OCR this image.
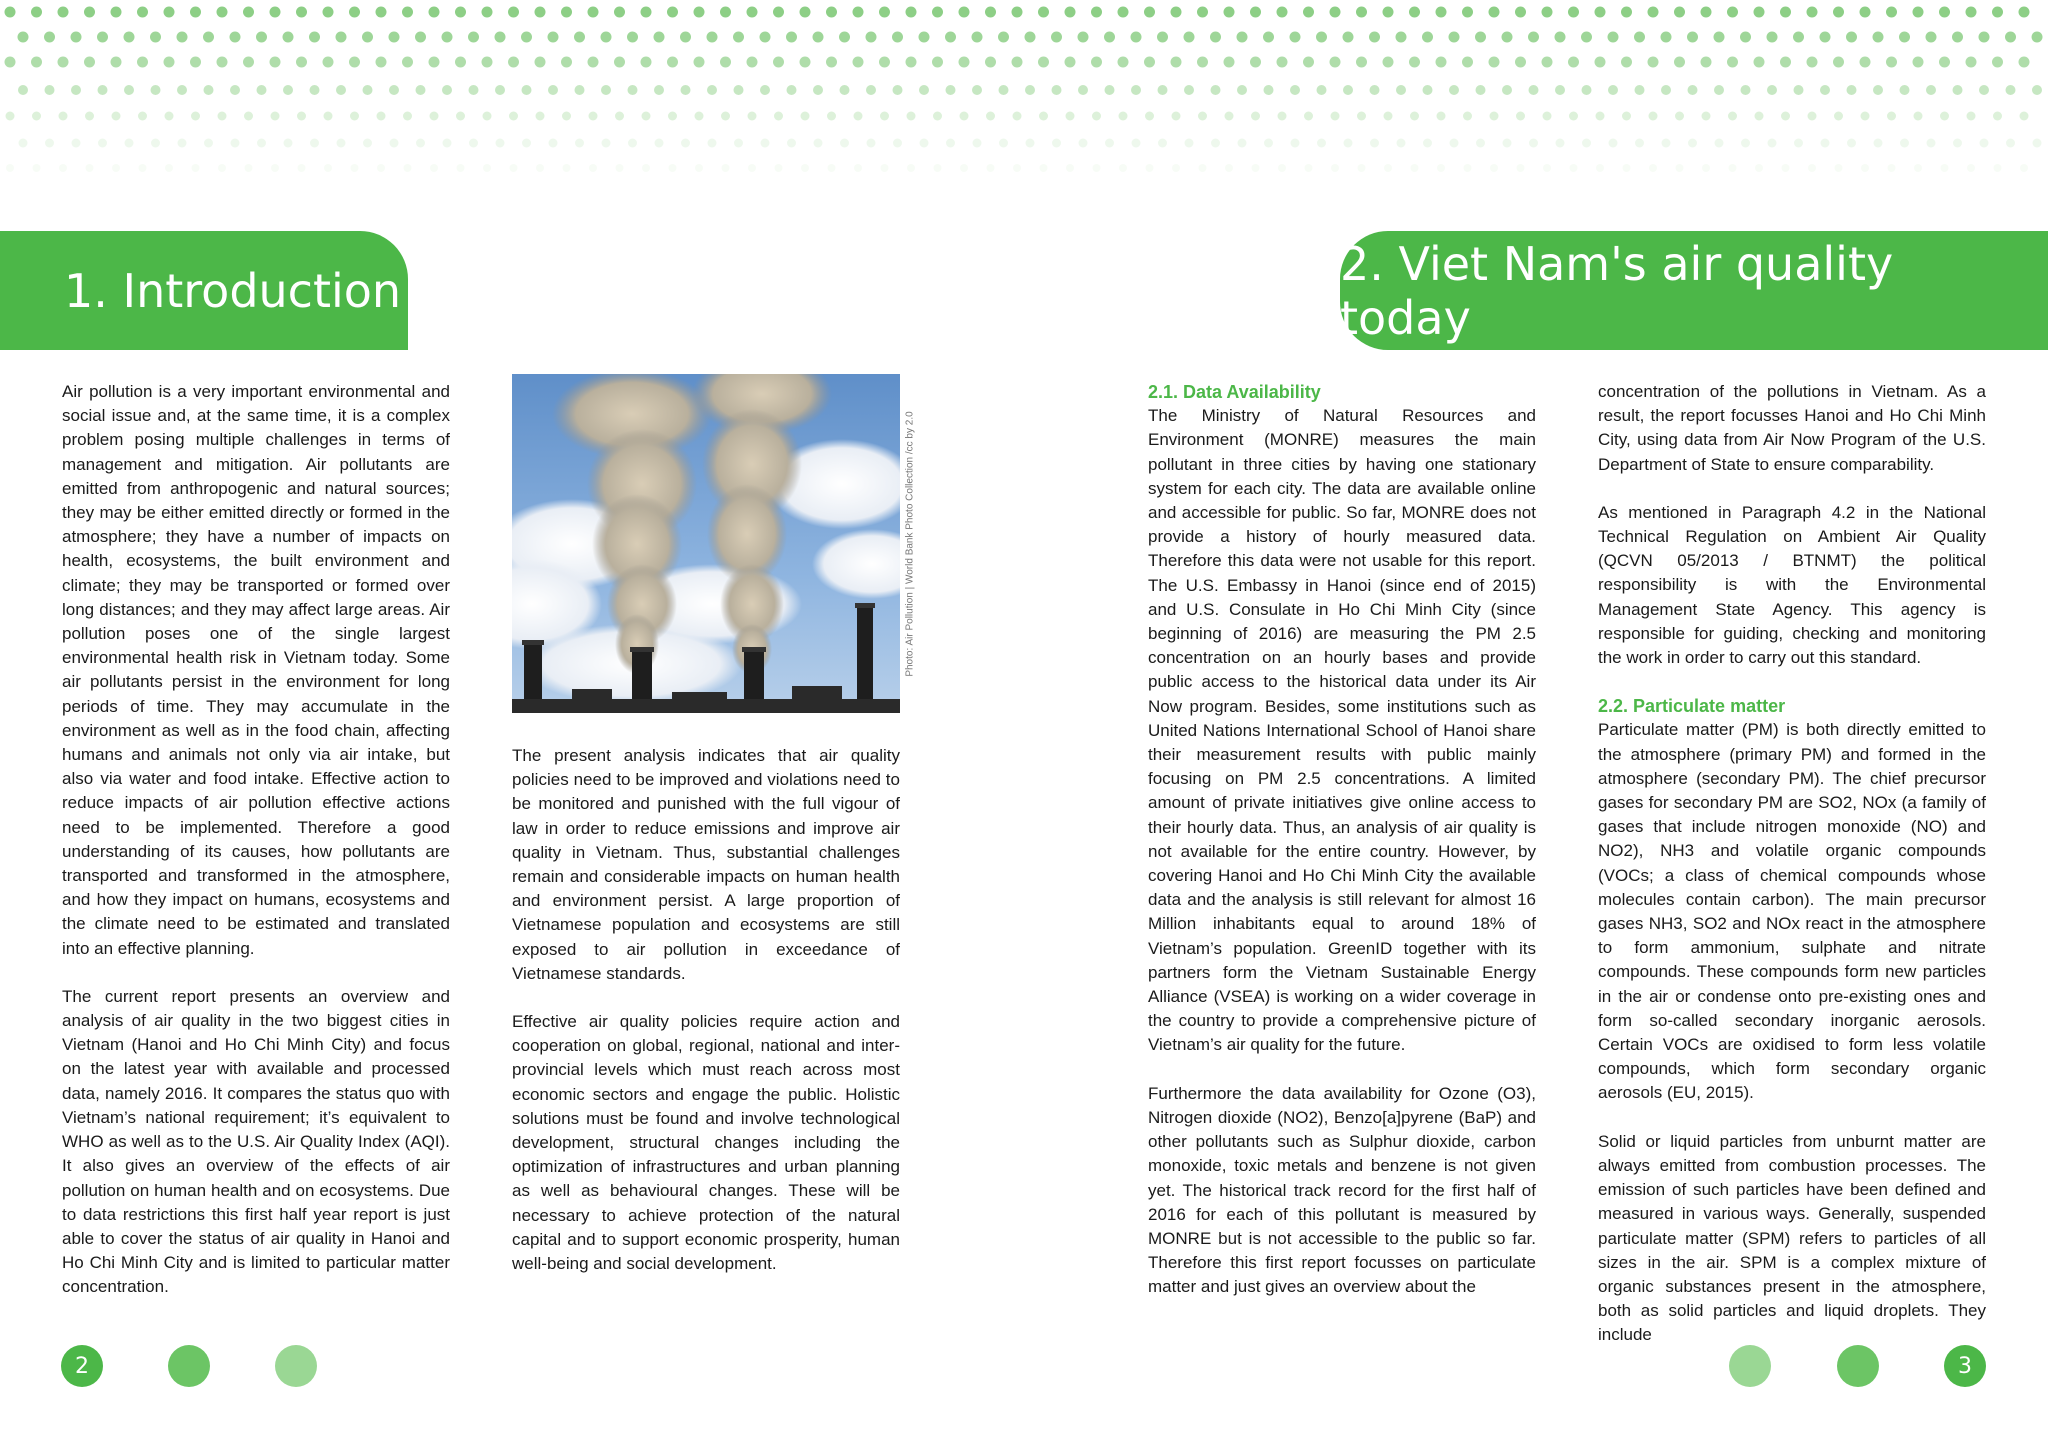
1. Introduction	2. Viet Nam's air quality today

Air pollution is a very important environmental and social issue and, at the same time, it is a complex problem posing multiple challenges in terms of management and mitigation. Air pollutants are emitted from anthropogenic and natural sources; they may be either emitted directly or formed in the atmosphere; they have a number of impacts on health, ecosystems, the built environment and climate; they may be transported or formed over long distances; and they may affect large areas. Air pollution poses one of the single largest environmental health risk in Vietnam today. Some air pollutants persist in the environment for long periods of time. They may accumulate in the environment as well as in the food chain, affecting humans and animals not only via air intake, but also via water and food intake. Effective action to reduce impacts of air pollution effective actions need to be implemented. Therefore a good understanding of its causes, how pollutants are transported and transformed in the atmosphere, and how they impact on humans, ecosystems and the climate need to be estimated and translated into an effective planning.

The current report presents an overview and analysis of air quality in the two biggest cities in Vietnam (Hanoi and Ho Chi Minh City) and focus on the latest year with available and processed data, namely 2016. It compares the status quo with Vietnam’s national requirement; it’s equivalent to WHO as well as to the U.S. Air Quality Index (AQI). It also gives an overview of the effects of air pollution on human health and on ecosystems. Due to data restrictions this first half year report is just able to cover the status of air quality in Hanoi and Ho Chi Minh City and is limited to particular matter concentration.

Photo: Air Pollution | World Bank Photo Collection /cc by 2.0

The present analysis indicates that air quality policies need to be improved and violations need to be monitored and punished with the full vigour of law in order to reduce emissions and improve air quality in Vietnam. Thus, substantial challenges remain and considerable impacts on human health and environment persist. A large proportion of Vietnamese population and ecosystems are still exposed to air pollution in exceedance of Vietnamese standards.

Effective air quality policies require action and cooperation on global, regional, national and inter-provincial levels which must reach across most economic sectors and engage the public. Holistic solutions must be found and involve technological development, structural changes including the optimization of infrastructures and urban planning as well as behavioural changes. These will be necessary to achieve protection of the natural capital and to support economic prosperity, human well-being and social development.

2.1. Data Availability

The Ministry of Natural Resources and Environment (MONRE) measures the main pollutant in three cities by having one stationary system for each city. The data are available online and accessible for public. So far, MONRE does not provide a history of hourly measured data. Therefore this data were not usable for this report. The U.S. Embassy in Hanoi (since end of 2015) and U.S. Consulate in Ho Chi Minh City (since beginning of 2016) are measuring the PM 2.5 concentration on an hourly bases and provide public access to the historical data under its Air Now program. Besides, some institutions such as United Nations International School of Hanoi share their measurement results with public mainly focusing on PM 2.5 concentrations. A limited amount of private initiatives give online access to their hourly data. Thus, an analysis of air quality is not available for the entire country. However, by covering Hanoi and Ho Chi Minh City the available data and the analysis is still relevant for almost 16 Million inhabitants equal to around 18% of Vietnam’s population. GreenID together with its partners form the Vietnam Sustainable Energy Alliance (VSEA) is working on a wider coverage in the country to provide a comprehensive picture of Vietnam’s air quality for the future.

Furthermore the data availability for Ozone (O3), Nitrogen dioxide (NO2), Benzo[a]pyrene (BaP) and other pollutants such as Sulphur dioxide, carbon monoxide, toxic metals and benzene is not given yet. The historical track record for the first half of 2016 for each of this pollutant is measured by MONRE but is not accessible to the public so far. Therefore this first report focusses on particulate matter and just gives an overview about the

concentration of the pollutions in Vietnam. As a result, the report focusses Hanoi and Ho Chi Minh City, using data from Air Now Program of the U.S. Department of State to ensure comparability.

As mentioned in Paragraph 4.2 in the National Technical Regulation on Ambient Air Quality (QCVN 05/2013 / BTNMT) the political responsibility is with the Environmental Management State Agency. This agency is responsible for guiding, checking and monitoring the work in order to carry out this standard.

2.2. Particulate matter

Particulate matter (PM) is both directly emitted to the atmosphere (primary PM) and formed in the atmosphere (secondary PM). The chief precursor gases for secondary PM are SO2, NOx (a family of gases that include nitrogen monoxide (NO) and NO2), NH3 and volatile organic compounds (VOCs; a class of chemical compounds whose molecules contain carbon). The main precursor gases NH3, SO2 and NOx react in the atmosphere to form ammonium, sulphate and nitrate compounds. These compounds form new particles in the air or condense onto pre-existing ones and form so-called secondary inorganic aerosols. Certain VOCs are oxidised to form less volatile compounds, which form secondary organic aerosols (EU, 2015).

Solid or liquid particles from unburnt matter are always emitted from combustion processes. The emission of such particles have been defined and measured in various ways. Generally, suspended particulate matter (SPM) refers to particles of all sizes in the air. SPM is a complex mixture of organic substances present in the atmosphere, both as solid particles and liquid droplets. They include

2	3
